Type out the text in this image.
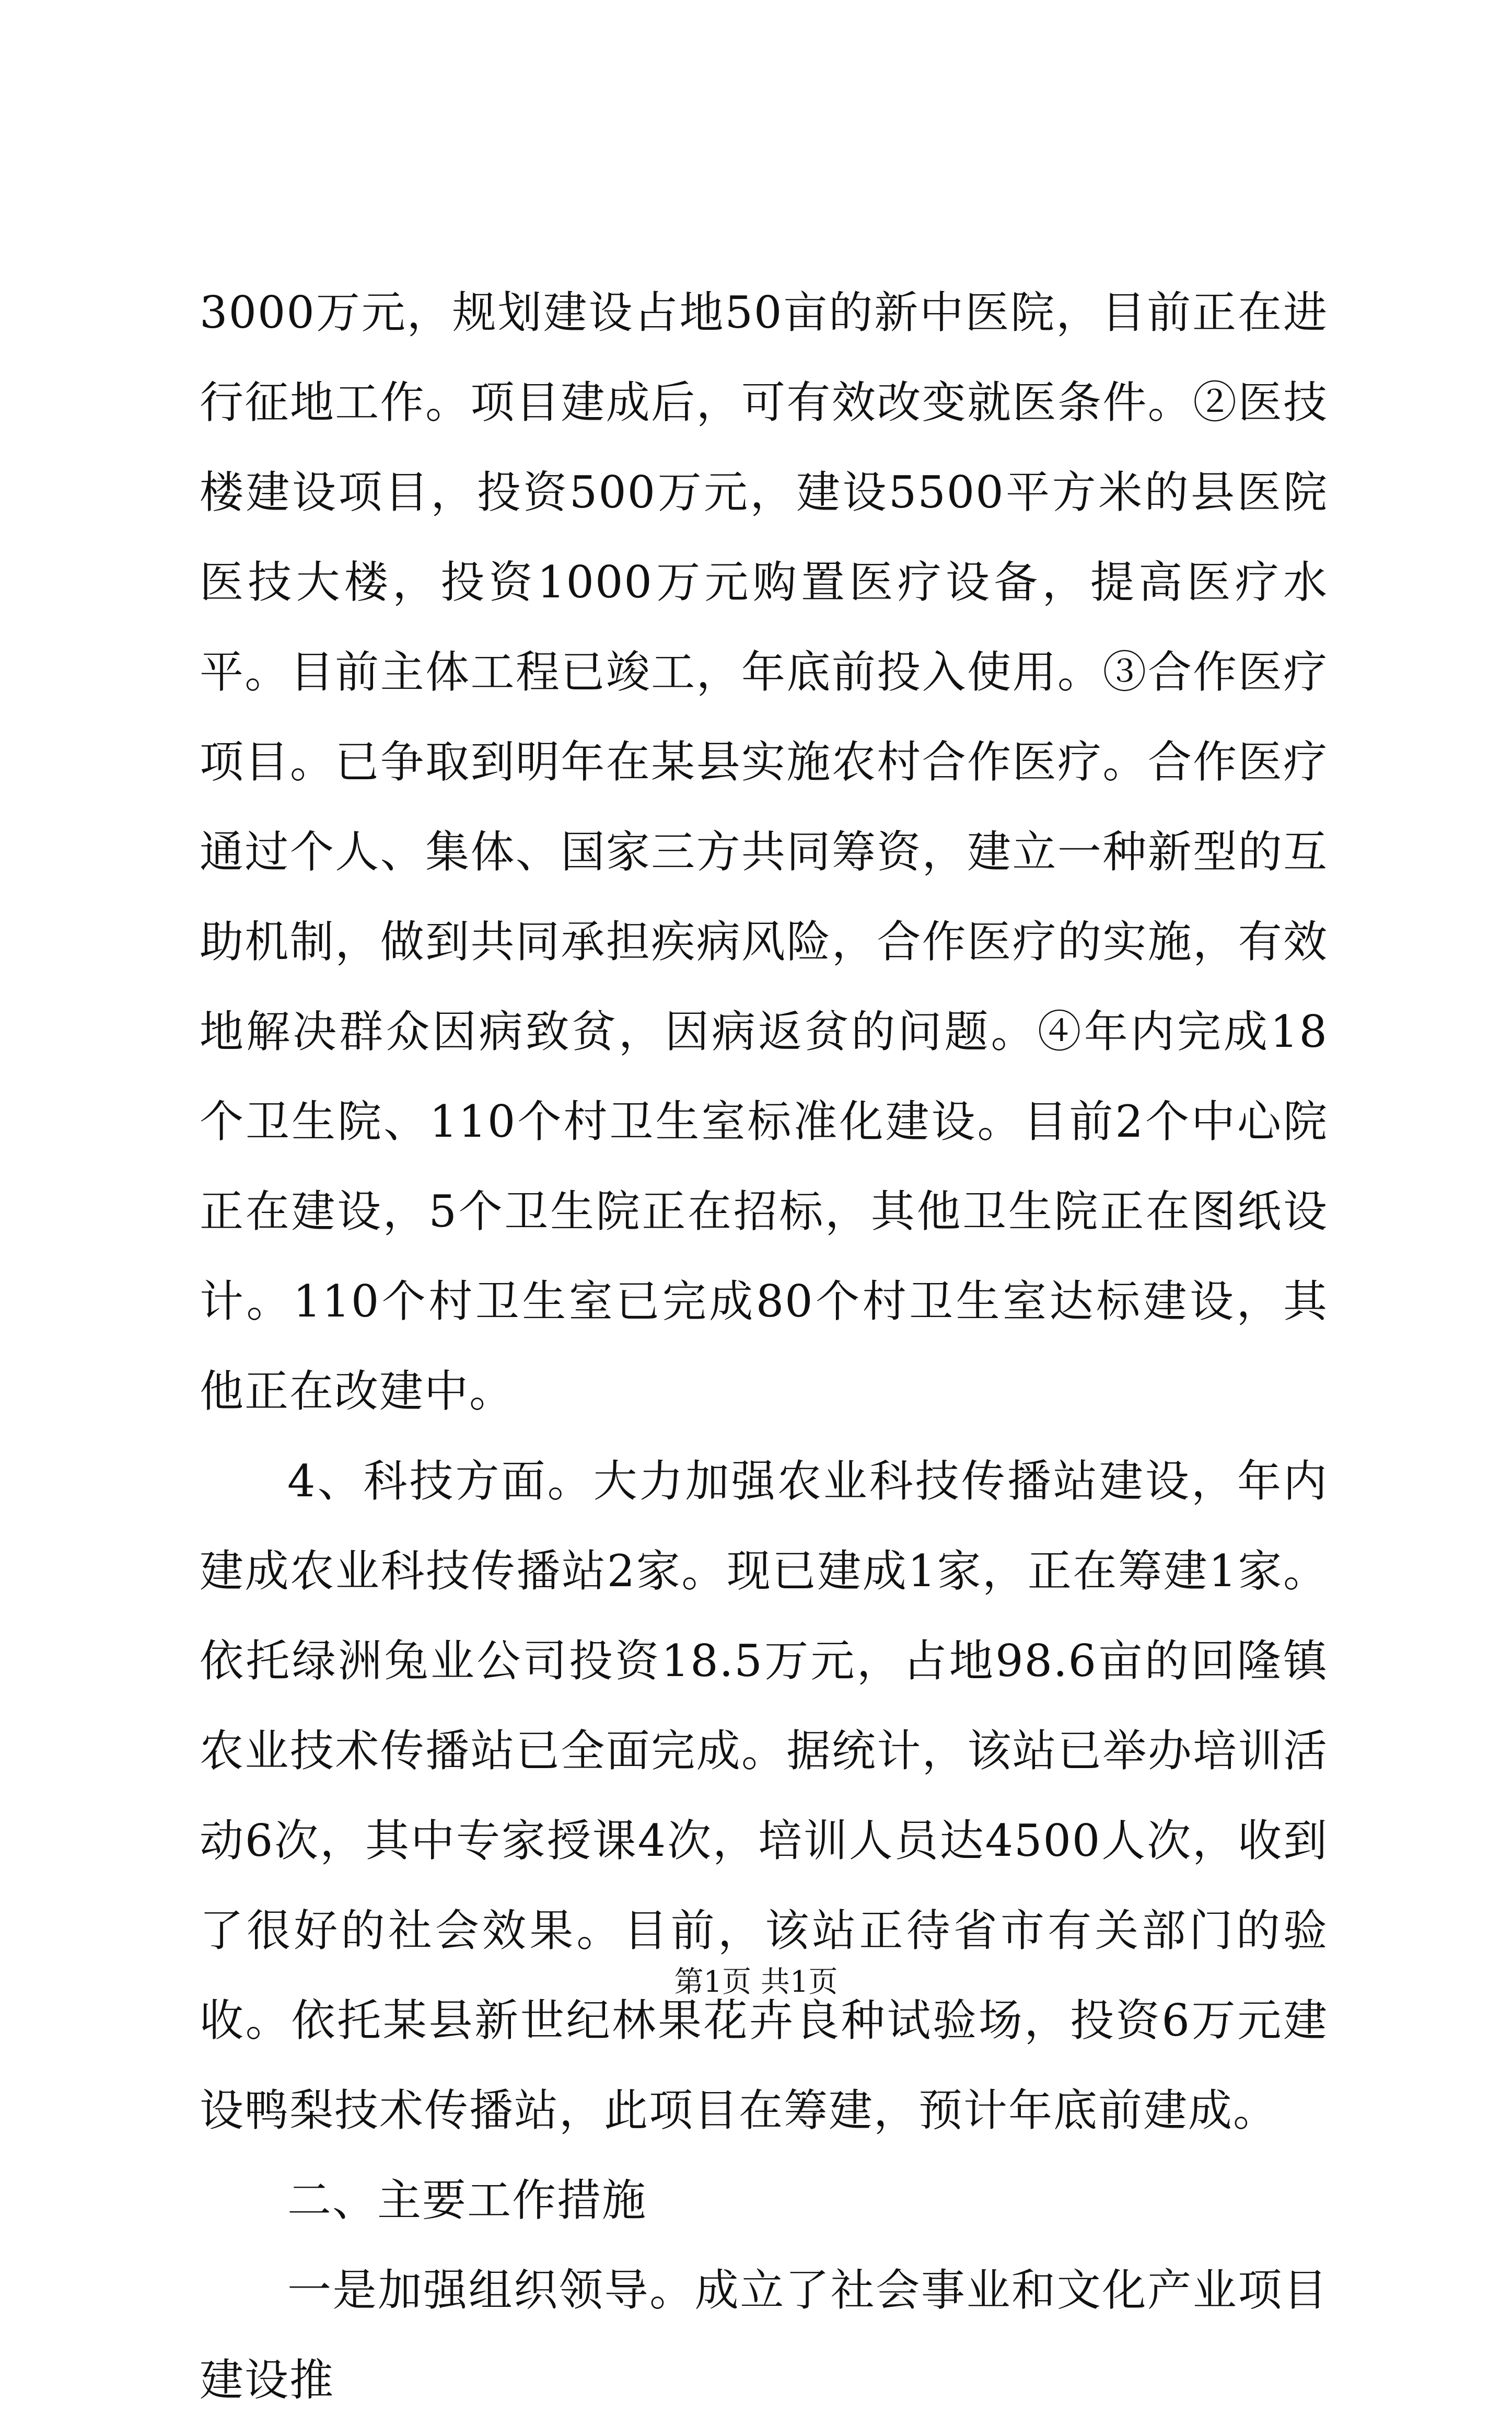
3000万元，规划建设占地50亩的新中医院，目前正在进行征地工作。项目建成后，可有效改变就医条件。②医技楼建设项目，投资500万元，建设5500平方米的县医院医技大楼，投资1000万元购置医疗设备，提高医疗水平。目前主体工程已竣工，年底前投入使用。③合作医疗项目。已争取到明年在某县实施农村合作医疗。合作医疗通过个人、集体、国家三方共同筹资，建立一种新型的互助机制，做到共同承担疾病风险，合作医疗的实施，有效地解决群众因病致贫，因病返贫的问题。④年内完成18个卫生院、110个村卫生室标准化建设。目前2个中心院正在建设，5个卫生院正在招标，其他卫生院正在图纸设计。110个村卫生室已完成80个村卫生室达标建设，其他正在改建中。

4、科技方面。大力加强农业科技传播站建设，年内建成农业科技传播站2家。现已建成1家，正在筹建1家。依托绿洲兔业公司投资18.5万元，占地98.6亩的回隆镇农业技术传播站已全面完成。据统计，该站已举办培训活动6次，其中专家授课4次，培训人员达4500人次，收到了很好的社会效果。目前，该站正待省市有关部门的验收。依托某县新世纪林果花卉良种试验场，投资6万元建设鸭梨技术传播站，此项目在筹建，预计年底前建成。

二、主要工作措施

一是加强组织领导。成立了社会事业和文化产业项目建设推

第1页 共1页
